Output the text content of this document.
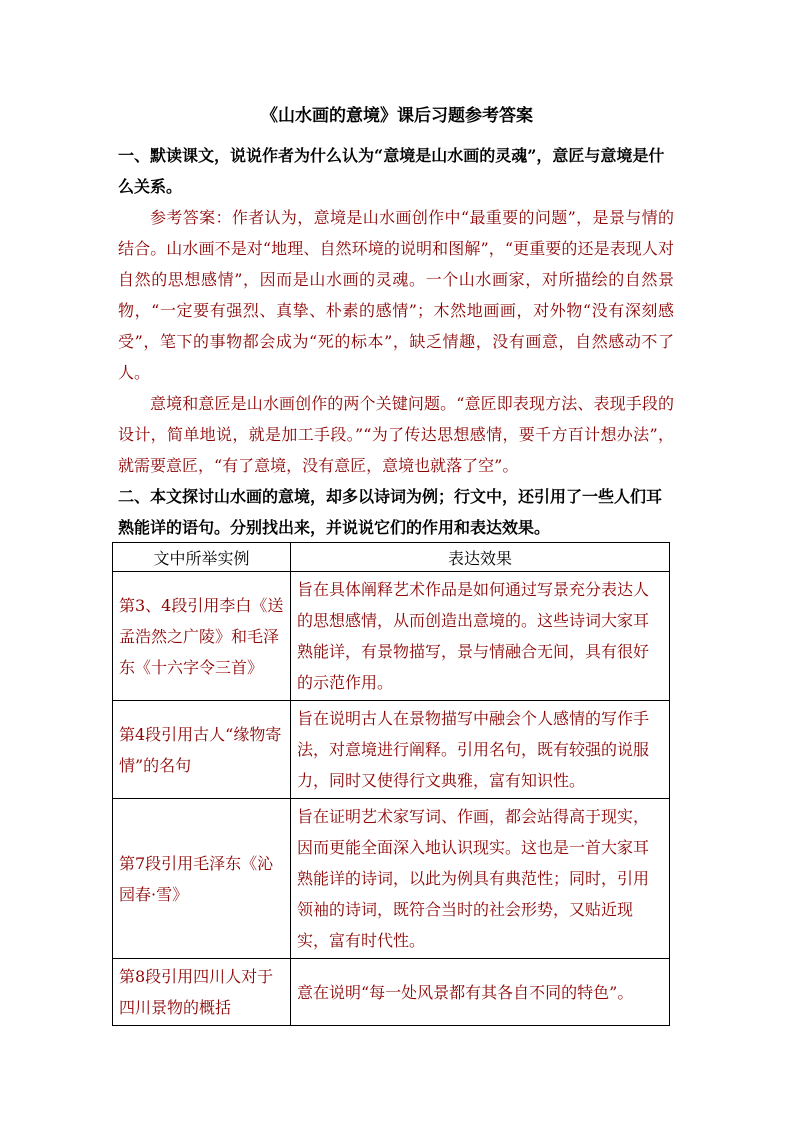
《山水画的意境》课后习题参考答案
一、默读课文，说说作者为什么认为“意境是山水画的灵魂”，意匠与意境是什么关系。

参考答案：作者认为，意境是山水画创作中“最重要的问题”，是景与情的结合。山水画不是对“地理、自然环境的说明和图解”，“更重要的还是表现人对自然的思想感情”，因而是山水画的灵魂。一个山水画家，对所描绘的自然景物，“一定要有强烈、真挚、朴素的感情”；木然地画画，对外物“没有深刻感受”，笔下的事物都会成为“死的标本”，缺乏情趣，没有画意，自然感动不了人。

意境和意匠是山水画创作的两个关键问题。“意匠即表现方法、表现手段的设计，简单地说，就是加工手段。”“为了传达思想感情，要千方百计想办法”，就需要意匠，“有了意境，没有意匠，意境也就落了空”。

二、本文探讨山水画的意境，却多以诗词为例；行文中，还引用了一些人们耳熟能详的语句。分别找出来，并说说它们的作用和表达效果。
文中所举实例	表达效果
第3、4段引用李白《送孟浩然之广陵》和毛泽东《十六字令三首》	旨在具体阐释艺术作品是如何通过写景充分表达人的思想感情，从而创造出意境的。这些诗词大家耳熟能详，有景物描写，景与情融合无间，具有很好的示范作用。
第4段引用古人“缘物寄情”的名句	旨在说明古人在景物描写中融会个人感情的写作手法，对意境进行阐释。引用名句，既有较强的说服力，同时又使得行文典雅，富有知识性。
第7段引用毛泽东《沁园春·雪》	旨在证明艺术家写词、作画，都会站得高于现实，因而更能全面深入地认识现实。这也是一首大家耳熟能详的诗词，以此为例具有典范性；同时，引用领袖的诗词，既符合当时的社会形势，又贴近现实，富有时代性。
第8段引用四川人对于四川景物的概括	意在说明“每一处风景都有其各自不同的特色”。
